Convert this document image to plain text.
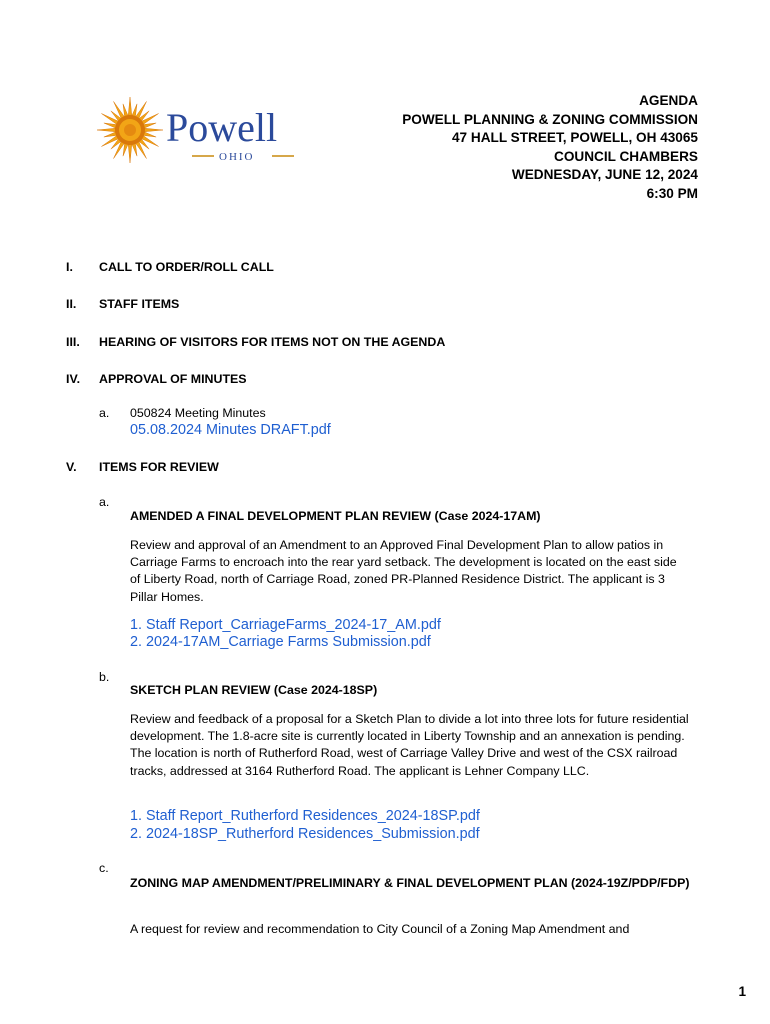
Powell
OHIO
AGENDA
POWELL PLANNING & ZONING COMMISSION
47 HALL STREET, POWELL, OH 43065
COUNCIL CHAMBERS
WEDNESDAY, JUNE 12, 2024
6:30 PM
I. CALL TO ORDER/ROLL CALL
II. STAFF ITEMS
III. HEARING OF VISITORS FOR ITEMS NOT ON THE AGENDA
IV. APPROVAL OF MINUTES
a. 050824 Meeting Minutes
05.08.2024 Minutes DRAFT.pdf
V. ITEMS FOR REVIEW
a.
AMENDED A FINAL DEVELOPMENT PLAN REVIEW (Case 2024-17AM)
Review and approval of an Amendment to an Approved Final Development Plan to allow patios in Carriage Farms to encroach into the rear yard setback. The development is located on the east side of Liberty Road, north of Carriage Road, zoned PR-Planned Residence District. The applicant is 3 Pillar Homes.
1. Staff Report_CarriageFarms_2024-17_AM.pdf
2. 2024-17AM_Carriage Farms Submission.pdf
b.
SKETCH PLAN REVIEW (Case 2024-18SP)
Review and feedback of a proposal for a Sketch Plan to divide a lot into three lots for future residential development. The 1.8-acre site is currently located in Liberty Township and an annexation is pending. The location is north of Rutherford Road, west of Carriage Valley Drive and west of the CSX railroad tracks, addressed at 3164 Rutherford Road. The applicant is Lehner Company LLC.
1. Staff Report_Rutherford Residences_2024-18SP.pdf
2. 2024-18SP_Rutherford Residences_Submission.pdf
c.
ZONING MAP AMENDMENT/PRELIMINARY & FINAL DEVELOPMENT PLAN (2024-19Z/PDP/FDP)
A request for review and recommendation to City Council of a Zoning Map Amendment and
1
